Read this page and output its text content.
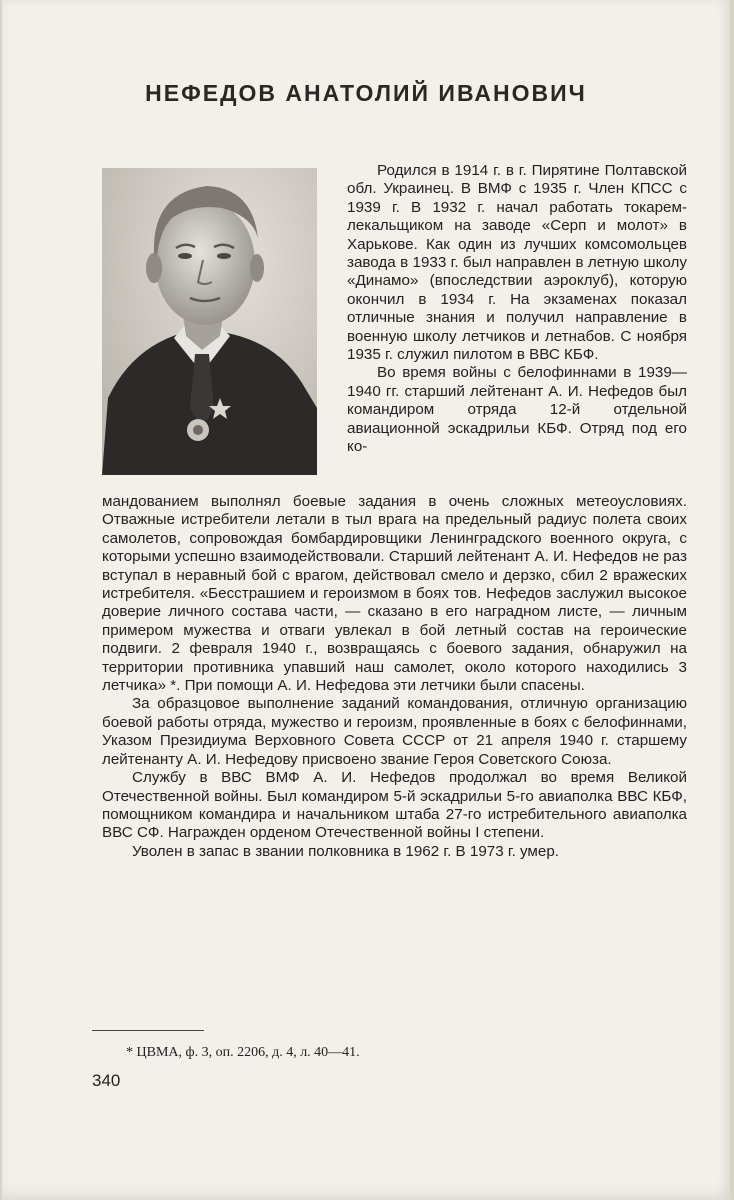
НЕФЕДОВ АНАТОЛИЙ ИВАНОВИЧ

Родился в 1914 г. в г. Пирятине Полтавской обл. Украинец. В ВМФ с 1935 г. Член КПСС с 1939 г. В 1932 г. начал работать токарем-лекальщиком на заводе «Серп и молот» в Харькове. Как один из лучших комсомольцев завода в 1933 г. был направлен в летную школу «Динамо» (впоследствии аэроклуб), которую окончил в 1934 г. На экзаменах показал отличные знания и получил направление в военную школу летчиков и летнабов. С ноября 1935 г. служил пилотом в ВВС КБФ.

Во время войны с белофиннами в 1939—1940 гг. старший лейтенант А. И. Нефедов был командиром отряда 12-й отдельной авиационной эскадрильи КБФ. Отряд под его ко-

мандованием выполнял боевые задания в очень сложных метеоусловиях. Отважные истребители летали в тыл врага на предельный радиус полета своих самолетов, сопровождая бомбардировщики Ленинградского военного округа, с которыми успешно взаимодействовали. Старший лейтенант А. И. Нефедов не раз вступал в неравный бой с врагом, действовал смело и дерзко, сбил 2 вражеских истребителя. «Бесстрашием и героизмом в боях тов. Нефедов заслужил высокое доверие личного состава части, — сказано в его наградном листе, — личным примером мужества и отваги увлекал в бой летный состав на героические подвиги. 2 февраля 1940 г., возвращаясь с боевого задания, обнаружил на территории противника упавший наш самолет, около которого находились 3 летчика» *. При помощи А. И. Нефедова эти летчики были спасены.

За образцовое выполнение заданий командования, отличную организацию боевой работы отряда, мужество и героизм, проявленные в боях с белофиннами, Указом Президиума Верховного Совета СССР от 21 апреля 1940 г. старшему лейтенанту А. И. Нефедову присвоено звание Героя Советского Союза.

Службу в ВВС ВМФ А. И. Нефедов продолжал во время Великой Отечественной войны. Был командиром 5-й эскадрильи 5-го авиаполка ВВС КБФ, помощником командира и начальником штаба 27-го истребительного авиаполка ВВС СФ. Награжден орденом Отечественной войны I степени.

Уволен в запас в звании полковника в 1962 г. В 1973 г. умер.

* ЦВМА, ф. 3, оп. 2206, д. 4, л. 40—41.
340
